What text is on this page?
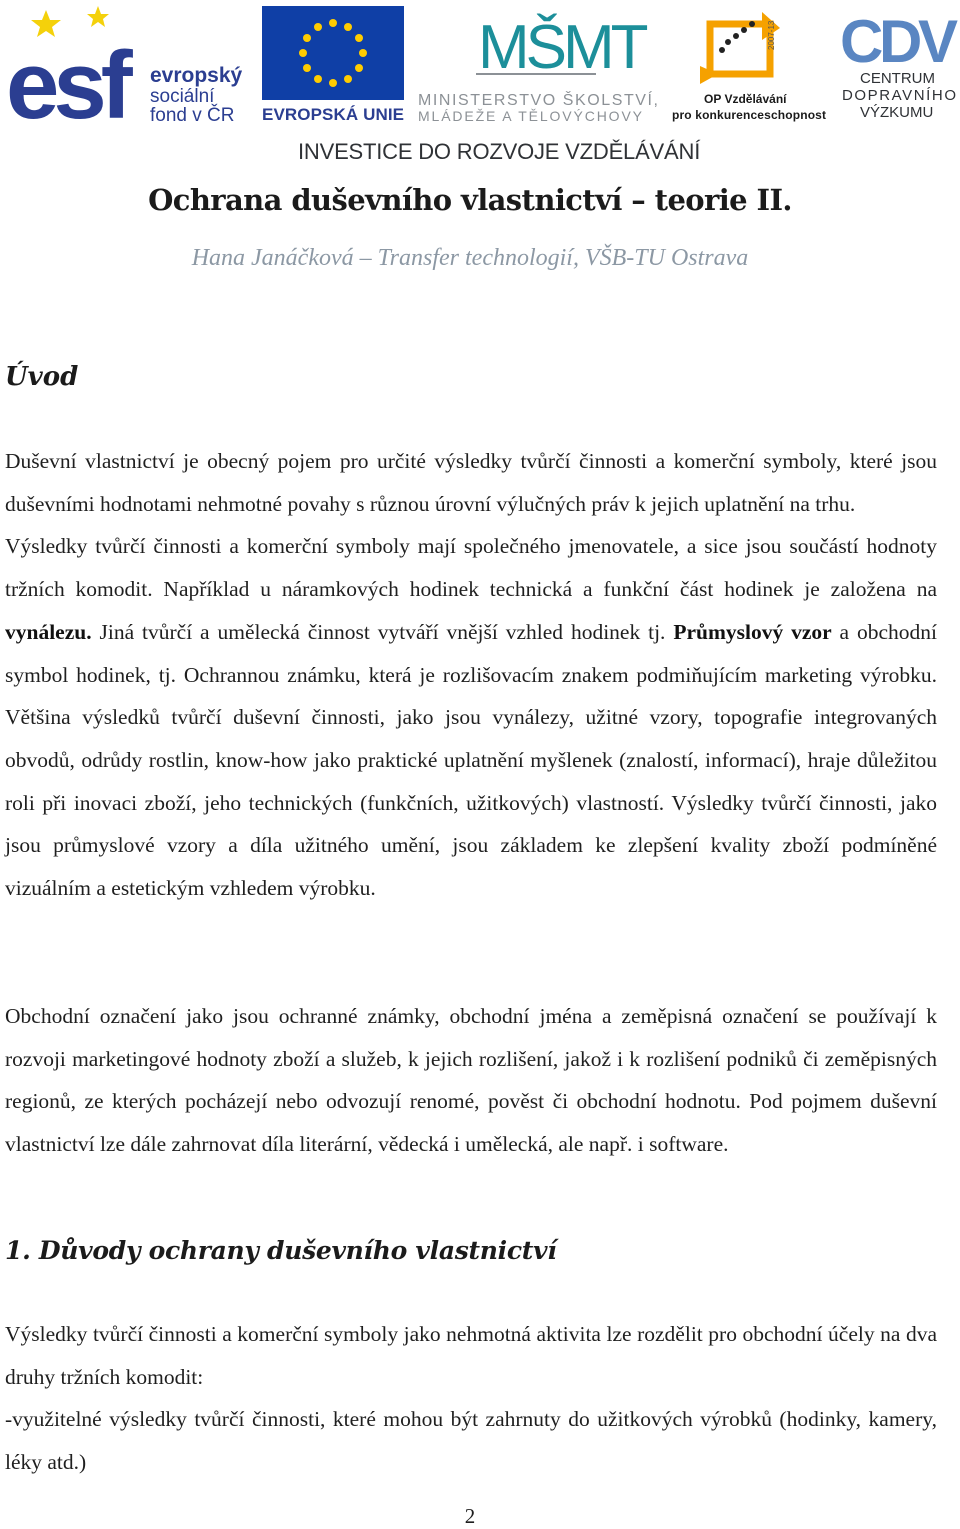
esf	evropský
sociální
fond v ČR EVROPSKÁ UNIE
MŠMT
MINISTERSTVO ŠKOLSTVÍ,
MLÁDEŽE A TĚLOVÝCHOVY
2007-13
OP Vzdělávání
pro konkurenceschopnost
CDV
CENTRUM
DOPRAVNÍHO
VÝZKUMU
INVESTICE DO ROZVOJE VZDĚLÁVÁNÍ
Ochrana duševního vlastnictví – teorie II.

Hana Janáčková – Transfer technologií, VŠB-TU Ostrava

Úvod
Duševní vlastnictví je obecný pojem pro určité výsledky tvůrčí činnosti a komerční symboly, které jsou duševními hodnotami nehmotné povahy s různou úrovní výlučných práv k jejich uplatnění na trhu.
Výsledky tvůrčí činnosti a komerční symboly mají společného jmenovatele, a sice jsou součástí hodnoty tržních komodit. Například u náramkových hodinek technická a funkční část hodinek je založena na vynálezu. Jiná tvůrčí a umělecká činnost vytváří vnější vzhled hodinek tj. Průmyslový vzor a obchodní symbol hodinek, tj. Ochrannou známku, která je rozlišovacím znakem podmiňujícím marketing výrobku. Většina výsledků tvůrčí duševní činnosti, jako jsou vynálezy, užitné vzory, topografie integrovaných obvodů, odrůdy rostlin, know-how jako praktické uplatnění myšlenek (znalostí, informací), hraje důležitou roli při inovaci zboží, jeho technických (funkčních, užitkových) vlastností. Výsledky tvůrčí činnosti, jako jsou průmyslové vzory a díla užitného umění, jsou základem ke zlepšení kvality zboží podmíněné vizuálním a estetickým vzhledem výrobku.
Obchodní označení jako jsou ochranné známky, obchodní jména a zeměpisná označení se používají k rozvoji marketingové hodnoty zboží a služeb, k jejich rozlišení, jakož i k rozlišení podniků či zeměpisných regionů, ze kterých pocházejí nebo odvozují renomé, pověst či obchodní hodnotu. Pod pojmem duševní vlastnictví lze dále zahrnovat díla literární, vědecká i umělecká, ale např. i software.
1. Důvody ochrany duševního vlastnictví
Výsledky tvůrčí činnosti a komerční symboly jako nehmotná aktivita lze rozdělit pro obchodní účely na dva druhy tržních komodit:
-využitelné výsledky tvůrčí činnosti, které mohou být zahrnuty do užitkových výrobků (hodinky, kamery, léky atd.)
2
